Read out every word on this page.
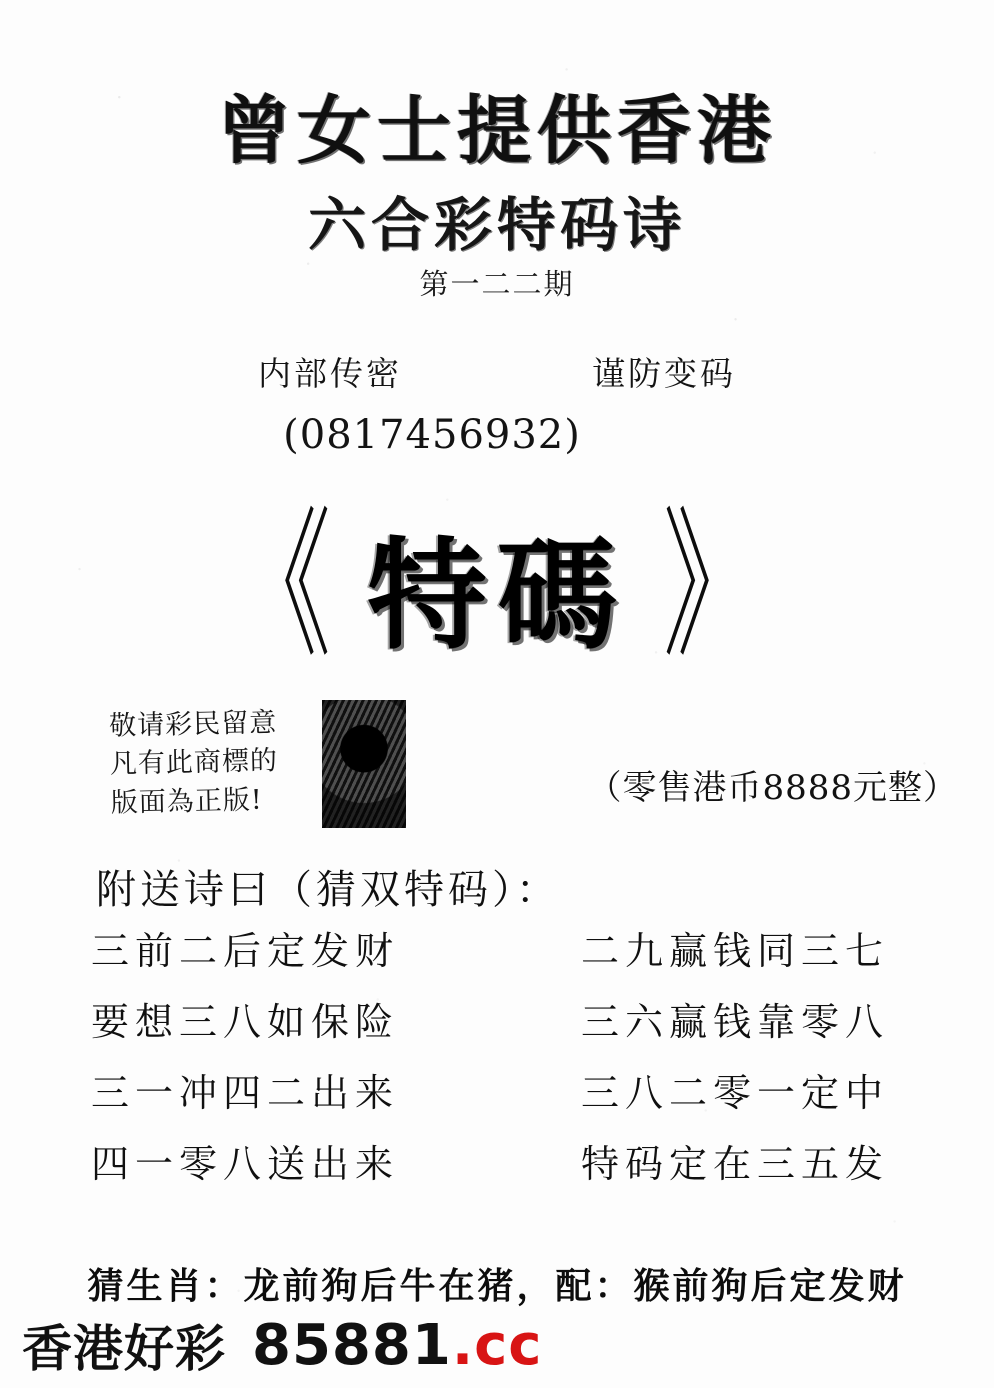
曾女士提供香港
六合彩特码诗
第一二二期
内部传密	谨防变码
(0817456932)
《 特碼 》
敬请彩民留意
凡有此商標的
版面為正版!	（零售港币8888元整）
附送诗曰（猜双特码）：
三前二后定发财	二九赢钱同三七
要想三八如保险	三六赢钱靠零八
三一冲四二出来	三八二零一定中
四一零八送出来	特码定在三五发
猜生肖：龙前狗后牛在猪，配：猴前狗后定发财
香港好彩 85881.cc
